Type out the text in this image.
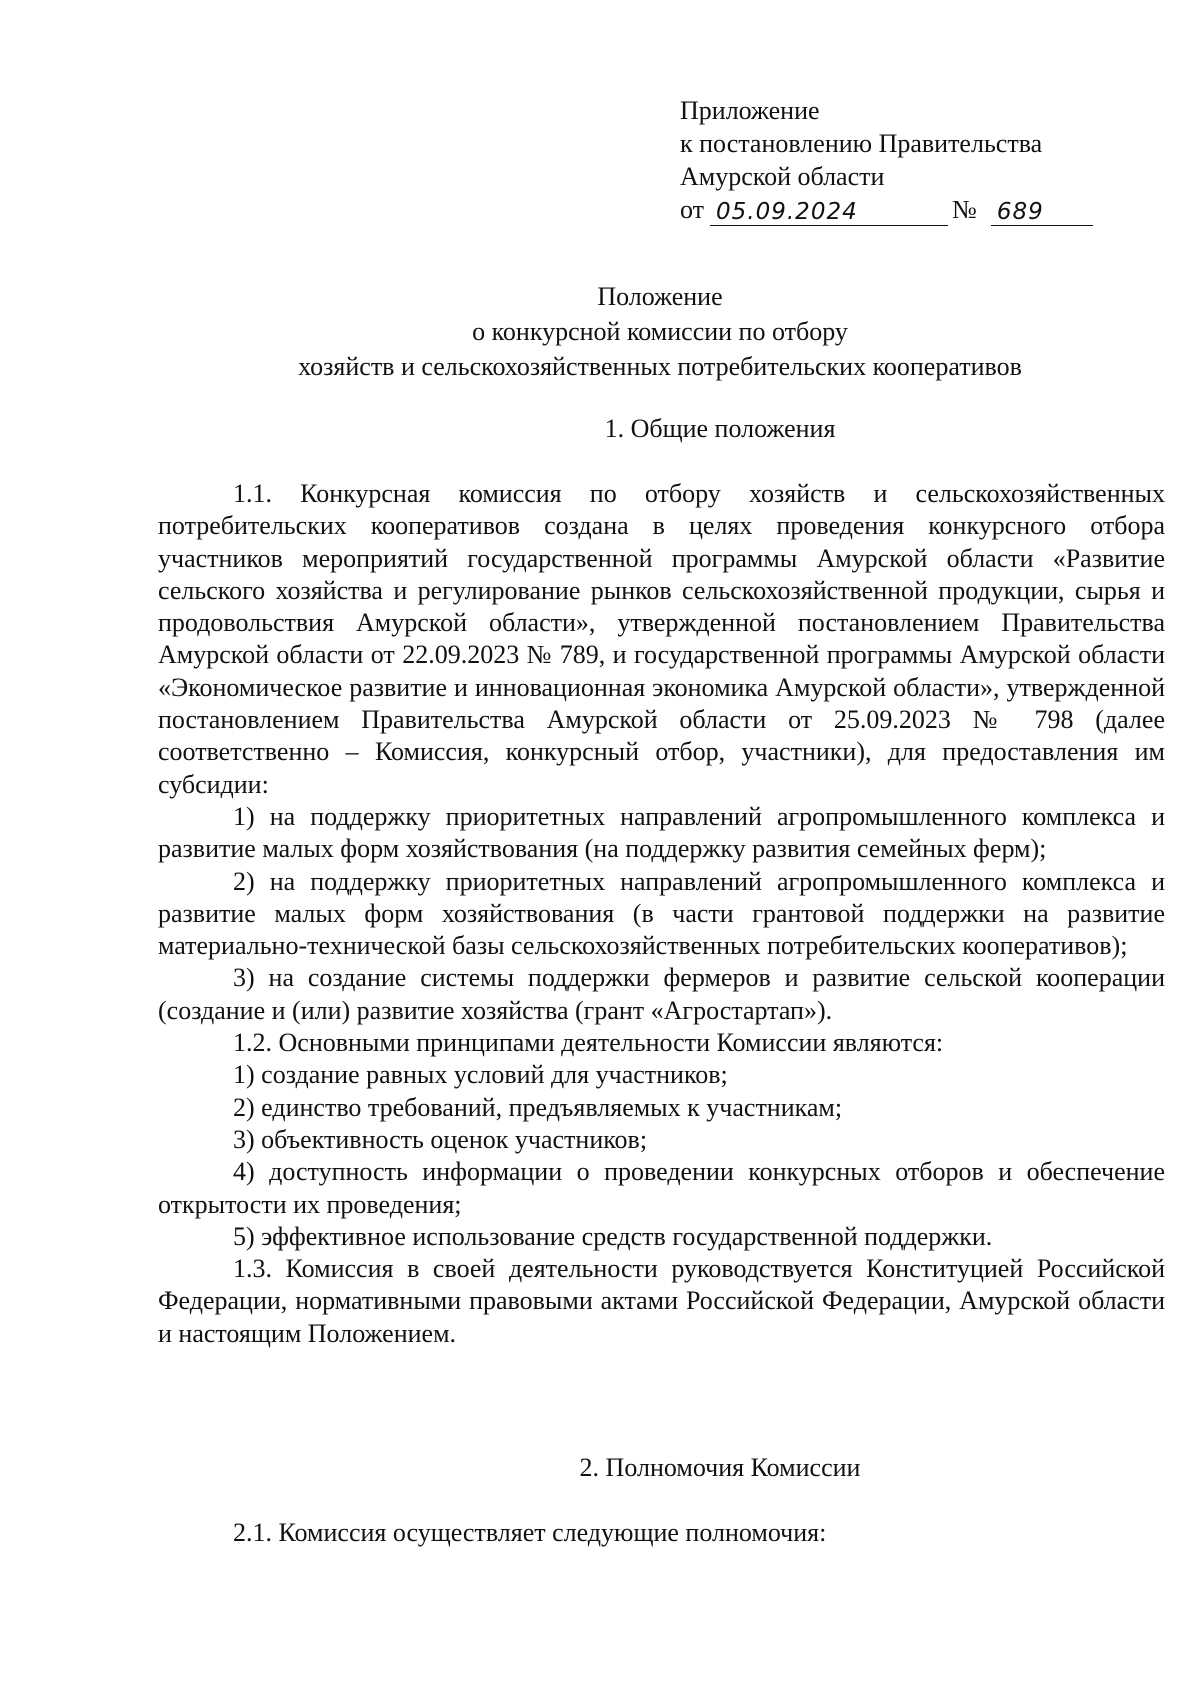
Приложение
к постановлению Правительства
Амурской области
от 05.09.2024	№ 689
Положение
о конкурсной комиссии по отбору
хозяйств и сельскохозяйственных потребительских кооперативов
1. Общие положения

1.1. Конкурсная комиссия по отбору хозяйств и сельскохозяйственных потребительских кооперативов создана в целях проведения конкурсного отбора участников мероприятий государственной программы Амурской области «Развитие сельского хозяйства и регулирование рынков сельскохозяйственной продукции, сырья и продовольствия Амурской области», утвержденной постановлением Правительства Амурской области от 22.09.2023 № 789, и государственной программы Амурской области «Экономическое развитие и инновационная экономика Амурской области», утвержденной постановлением Правительства Амурской области от 25.09.2023 № 798 (далее соответственно – Комиссия, конкурсный отбор, участники), для предоставления им субсидии:

1) на поддержку приоритетных направлений агропромышленного комплекса и развитие малых форм хозяйствования (на поддержку развития семейных ферм);

2) на поддержку приоритетных направлений агропромышленного комплекса и развитие малых форм хозяйствования (в части грантовой поддержки на развитие материально-технической базы сельскохозяйственных потребительских кооперативов);

3) на создание системы поддержки фермеров и развитие сельской кооперации (создание и (или) развитие хозяйства (грант «Агростартап»).

1.2. Основными принципами деятельности Комиссии являются:

1) создание равных условий для участников;

2) единство требований, предъявляемых к участникам;

3) объективность оценок участников;

4) доступность информации о проведении конкурсных отборов и обеспечение открытости их проведения;

5) эффективное использование средств государственной поддержки.

1.3. Комиссия в своей деятельности руководствуется Конституцией Российской Федерации, нормативными правовыми актами Российской Федерации, Амурской области и настоящим Положением.

2. Полномочия Комиссии
2.1. Комиссия осуществляет следующие полномочия:
